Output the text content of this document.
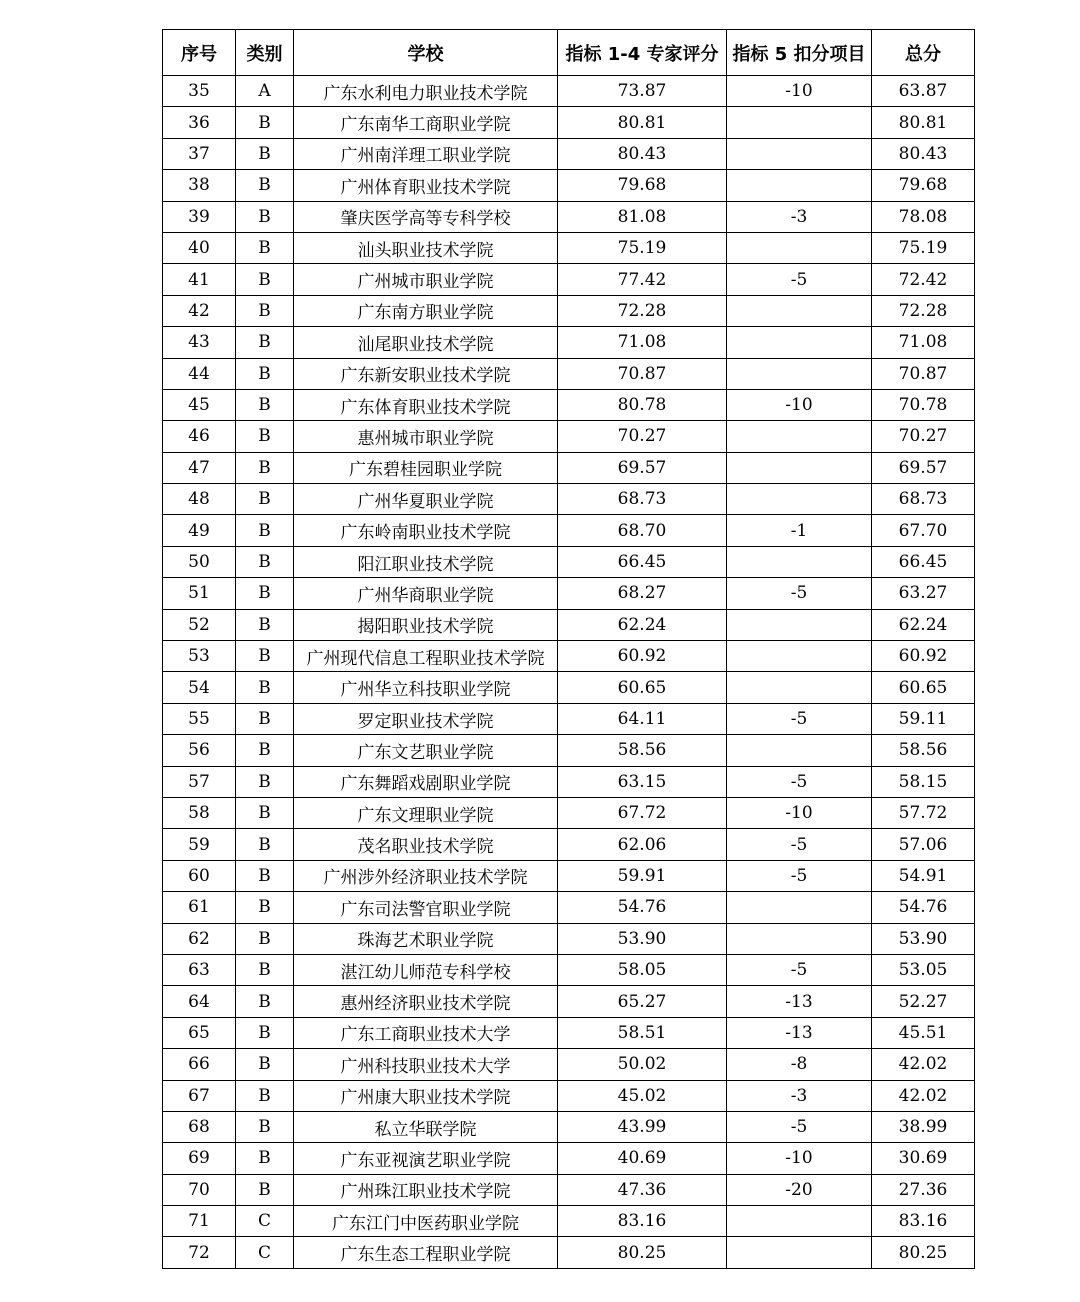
序号	类别	学校	指标 1-4 专家评分	指标 5 扣分项目	总分
35	A	广东水利电力职业技术学院	73.87	-10	63.87
36	B	广东南华工商职业学院	80.81		80.81
37	B	广州南洋理工职业学院	80.43		80.43
38	B	广州体育职业技术学院	79.68		79.68
39	B	肇庆医学高等专科学校	81.08	-3	78.08
40	B	汕头职业技术学院	75.19		75.19
41	B	广州城市职业学院	77.42	-5	72.42
42	B	广东南方职业学院	72.28		72.28
43	B	汕尾职业技术学院	71.08		71.08
44	B	广东新安职业技术学院	70.87		70.87
45	B	广东体育职业技术学院	80.78	-10	70.78
46	B	惠州城市职业学院	70.27		70.27
47	B	广东碧桂园职业学院	69.57		69.57
48	B	广州华夏职业学院	68.73		68.73
49	B	广东岭南职业技术学院	68.70	-1	67.70
50	B	阳江职业技术学院	66.45		66.45
51	B	广州华商职业学院	68.27	-5	63.27
52	B	揭阳职业技术学院	62.24		62.24
53	B	广州现代信息工程职业技术学院	60.92		60.92
54	B	广州华立科技职业学院	60.65		60.65
55	B	罗定职业技术学院	64.11	-5	59.11
56	B	广东文艺职业学院	58.56		58.56
57	B	广东舞蹈戏剧职业学院	63.15	-5	58.15
58	B	广东文理职业学院	67.72	-10	57.72
59	B	茂名职业技术学院	62.06	-5	57.06
60	B	广州涉外经济职业技术学院	59.91	-5	54.91
61	B	广东司法警官职业学院	54.76		54.76
62	B	珠海艺术职业学院	53.90		53.90
63	B	湛江幼儿师范专科学校	58.05	-5	53.05
64	B	惠州经济职业技术学院	65.27	-13	52.27
65	B	广东工商职业技术大学	58.51	-13	45.51
66	B	广州科技职业技术大学	50.02	-8	42.02
67	B	广州康大职业技术学院	45.02	-3	42.02
68	B	私立华联学院	43.99	-5	38.99
69	B	广东亚视演艺职业学院	40.69	-10	30.69
70	B	广州珠江职业技术学院	47.36	-20	27.36
71	C	广东江门中医药职业学院	83.16		83.16
72	C	广东生态工程职业学院	80.25		80.25
